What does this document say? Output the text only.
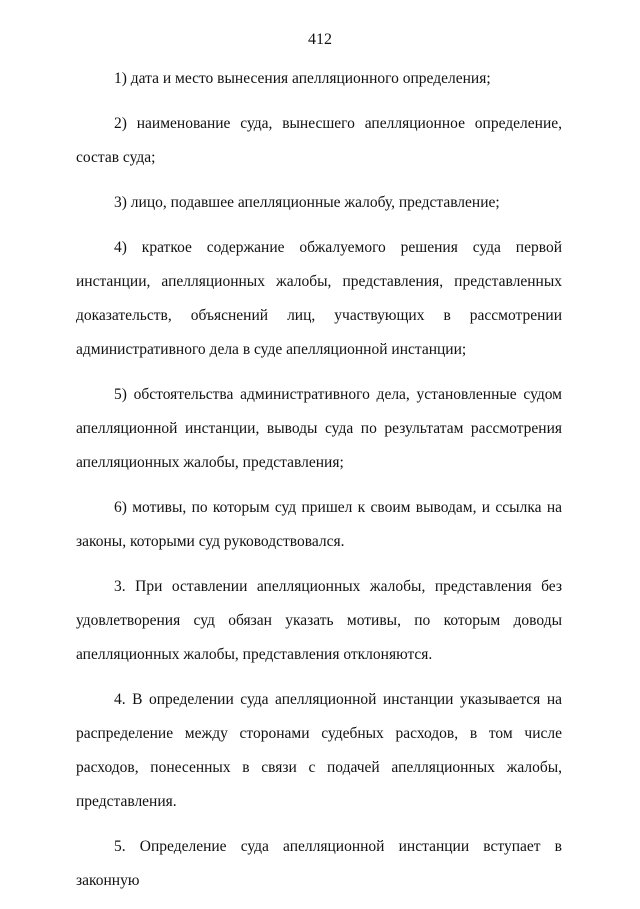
412

1) дата и место вынесения апелляционного определения;

2) наименование суда, вынесшего апелляционное определение, состав суда;

3) лицо, подавшее апелляционные жалобу, представление;

4) краткое содержание обжалуемого решения суда первой инстанции, апелляционных жалобы, представления, представленных доказательств, объяснений лиц, участвующих в рассмотрении административного дела в суде апелляционной инстанции;

5) обстоятельства административного дела, установленные судом апелляционной инстанции, выводы суда по результатам рассмотрения апелляционных жалобы, представления;

6) мотивы, по которым суд пришел к своим выводам, и ссылка на законы, которыми суд руководствовался.

3. При оставлении апелляционных жалобы, представления без удовлетворения суд обязан указать мотивы, по которым доводы апелляционных жалобы, представления отклоняются.

4. В определении суда апелляционной инстанции указывается на распределение между сторонами судебных расходов, в том числе расходов, понесенных в связи с подачей апелляционных жалобы, представления.

5. Определение суда апелляционной инстанции вступает в законную
